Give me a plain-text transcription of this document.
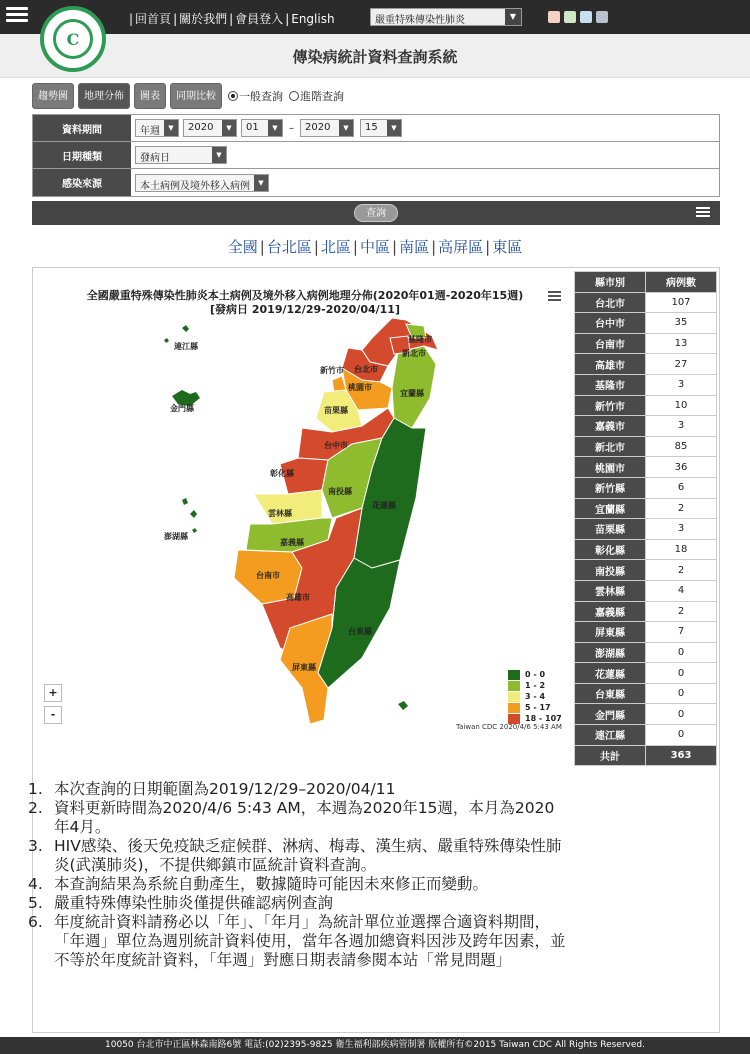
| 回首頁 | 關於我們 | 會員登入 | English	嚴重特殊傳染性肺炎	▼
C
傳染病統計資料查詢系統
趨勢圖	地理分佈	圖表	同期比較	一般查詢 進階查詢
資料期間	年週	▼	2020	▼	01	▼	–	2020	▼	15	▼
日期種類	發病日	▼
感染來源	本土病例及境外移入病例	▼
查詢
全國 | 台北區 | 北區 | 中區 | 南區 | 高屏區 | 東區
基隆市
新北市
台北市
桃園市
新竹市
宜蘭縣
苗栗縣
台中市
彰化縣
南投縣
花蓮縣
雲林縣
嘉義縣
台南市
高雄市
台東縣
屏東縣
連江縣
金門縣
澎湖縣
全國嚴重特殊傳染性肺炎本土病例及境外移入病例地理分佈(2020年01週-2020年15週)
[發病日 2019/12/29-2020/04/11]
+
-
0 - 0
1 - 2
3 - 4
5 - 17
18 - 107
Taiwan CDC 2020/4/6 5:43 AM
縣市別	病例數
台北市	107
台中市	35
台南市	13
高雄市	27
基隆市	3
新竹市	10
嘉義市	3
新北市	85
桃園市	36
新竹縣	6
宜蘭縣	2
苗栗縣	3
彰化縣	18
南投縣	2
雲林縣	4
嘉義縣	2
屏東縣	7
澎湖縣	0
花蓮縣	0
台東縣	0
金門縣	0
連江縣	0
共計	363
1. 本次查詢的日期範圍為2019/12/29–2020/04/11
2. 資料更新時間為2020/4/6 5:43 AM，本週為2020年15週，本月為2020年4月。
3. HIV感染、後天免疫缺乏症候群、淋病、梅毒、漢生病、嚴重特殊傳染性肺炎(武漢肺炎)，不提供鄉鎮市區統計資料查詢。
4. 本查詢結果為系統自動產生，數據隨時可能因未來修正而變動。
5. 嚴重特殊傳染性肺炎僅提供確認病例查詢
6. 年度統計資料請務必以「年」、「年月」為統計單位並選擇合適資料期間，「年週」單位為週別統計資料使用，當年各週加總資料因涉及跨年因素，並不等於年度統計資料，「年週」對應日期表請參閱本站「常見問題」
10050 台北市中正區林森南路6號 電話:(02)2395-9825 衛生福利部疾病管制署 版權所有©2015 Taiwan CDC All Rights Reserved.
